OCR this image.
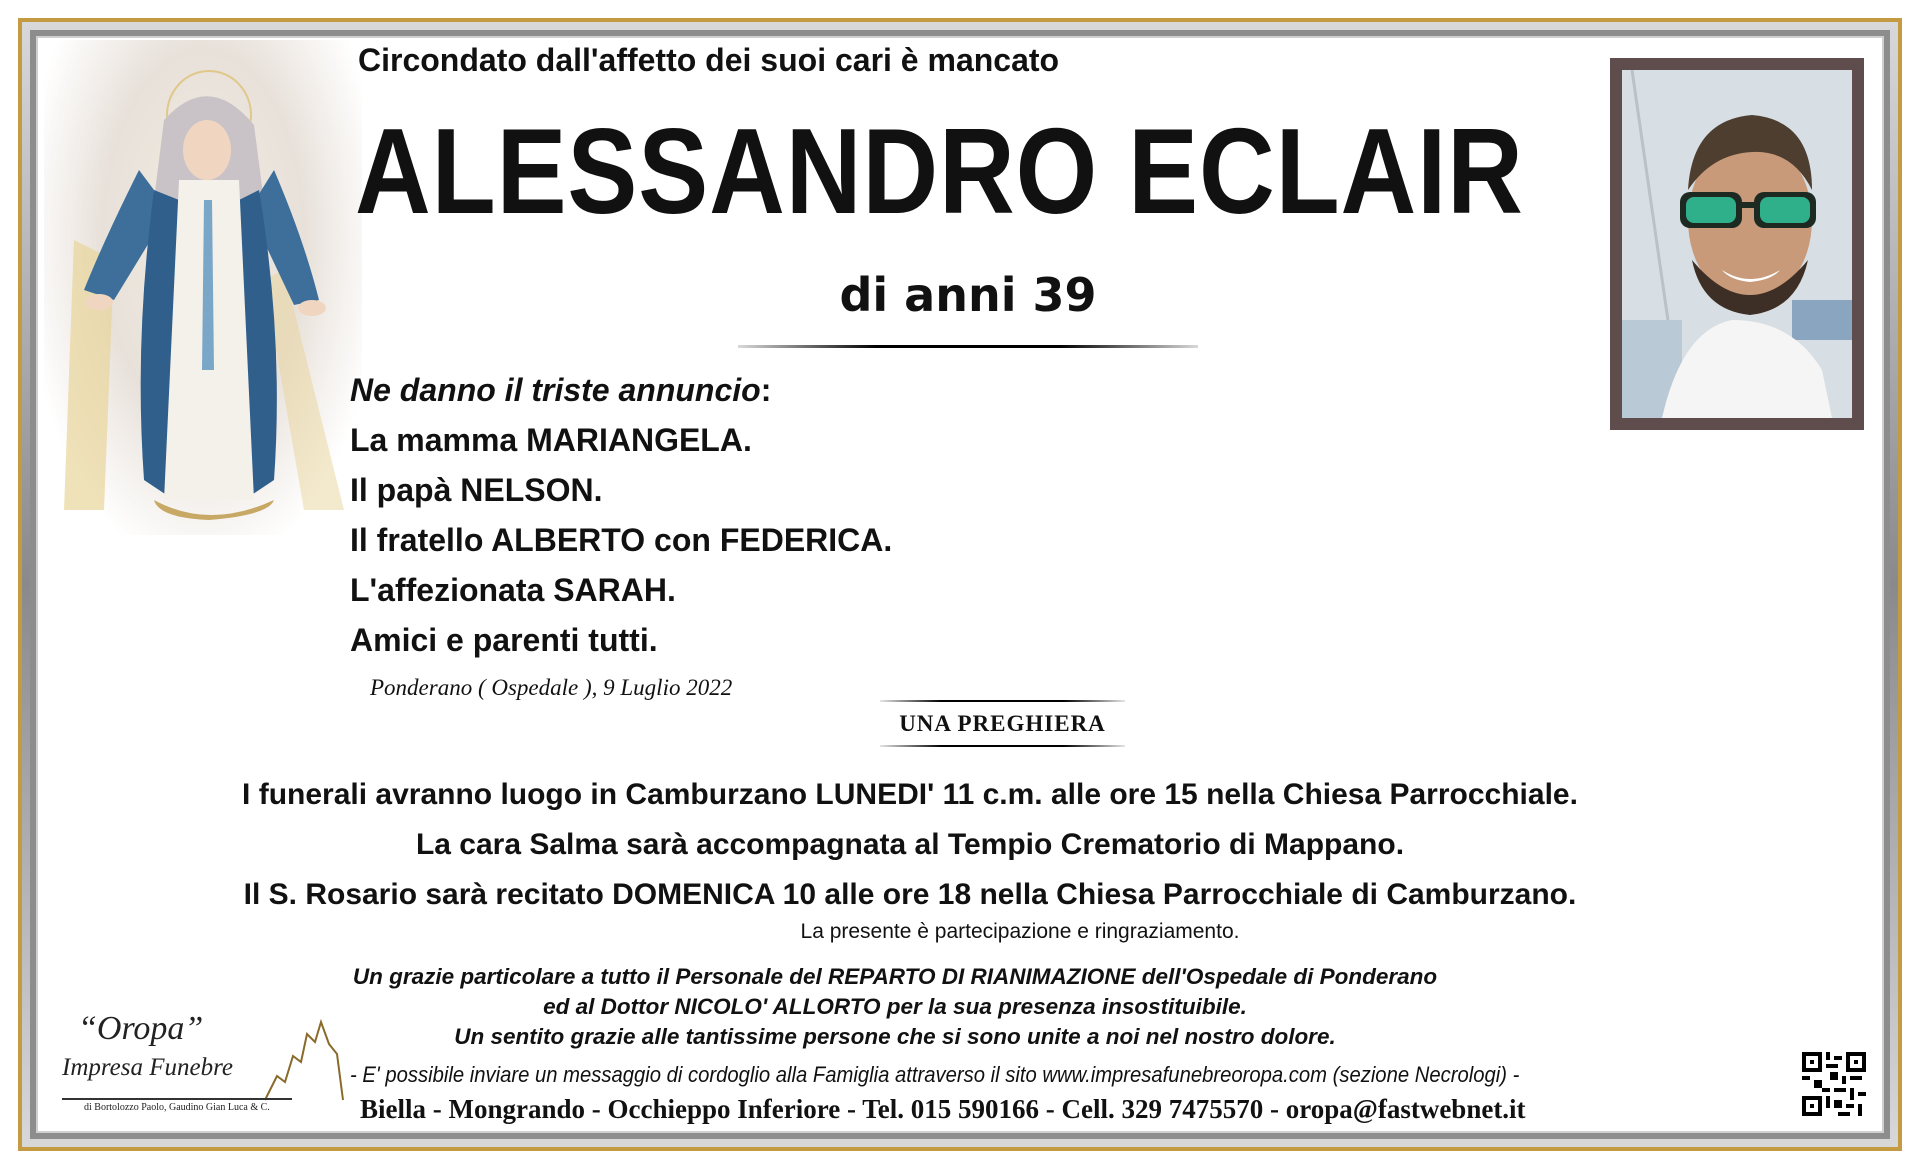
Circondato dall'affetto dei suoi cari è mancato
ALESSANDRO ECLAIR
di anni 39
Ne danno il triste annuncio:
La mamma MARIANGELA.
Il papà NELSON.
Il fratello ALBERTO con FEDERICA.
L'affezionata SARAH.
Amici e parenti tutti.
Ponderano ( Ospedale ), 9 Luglio 2022
UNA PREGHIERA
I funerali avranno luogo in Camburzano LUNEDI' 11 c.m. alle ore 15 nella Chiesa Parrocchiale.
La cara Salma sarà accompagnata al Tempio Crematorio di Mappano.
Il S. Rosario sarà recitato DOMENICA 10 alle ore 18 nella Chiesa Parrocchiale di Camburzano.
La presente è partecipazione e ringraziamento.
Un grazie particolare a tutto il Personale del REPARTO DI RIANIMAZIONE dell'Ospedale di Ponderano
ed al Dottor NICOLO' ALLORTO per la sua presenza insostituibile.
Un sentito grazie alle tantissime persone che si sono unite a noi nel nostro dolore.
- E' possibile inviare un messaggio di cordoglio alla Famiglia attraverso il sito www.impresafunebreoropa.com (sezione Necrologi) -
Biella - Mongrando - Occhieppo Inferiore - Tel. 015 590166 - Cell. 329 7475570 - oropa@fastwebnet.it
“Oropa”
Impresa Funebre
di Bortolozzo Paolo, Gaudino Gian Luca & C.
